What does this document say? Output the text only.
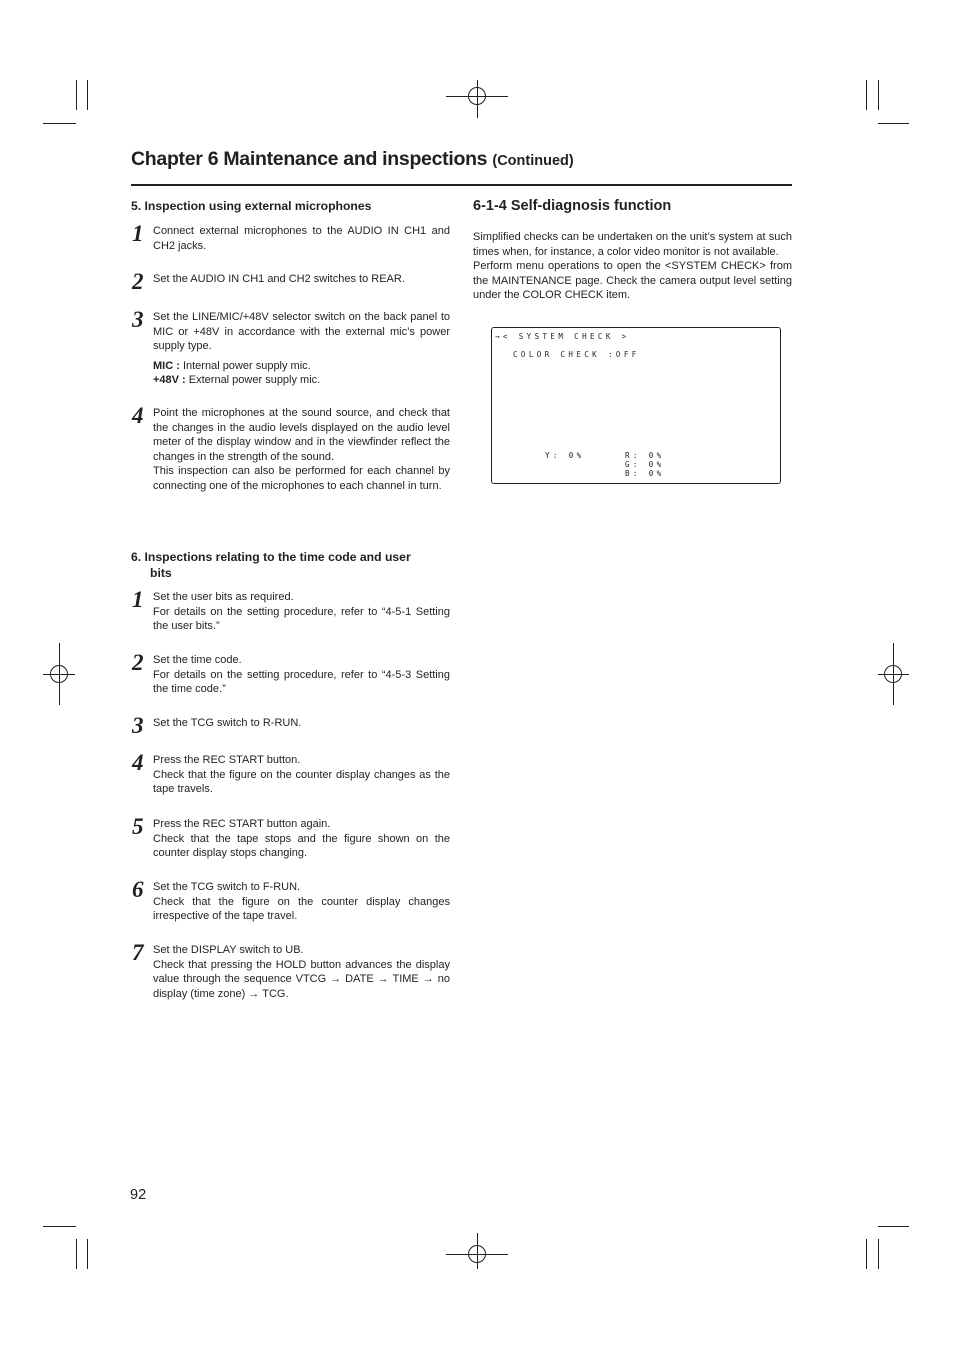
Chapter 6 Maintenance and inspections (Continued)
5. Inspection using external microphones
1 Connect external microphones to the AUDIO IN CH1 and CH2 jacks.

2 Set the AUDIO IN CH1 and CH2 switches to REAR.

3 Set the LINE/MIC/+48V selector switch on the back panel to MIC or +48V in accordance with the external mic’s power supply type.

MIC : Internal power supply mic.

+48V : External power supply mic.

4 Point the microphones at the sound source, and check that the changes in the audio levels displayed on the audio level meter of the display window and in the viewfinder reflect the changes in the strength of the sound.

This inspection can also be performed for each channel by connecting one of the microphones to each channel in turn.

6. Inspections relating to the time code and user
bits
1 Set the user bits as required.

For details on the setting procedure, refer to “4-5-1 Setting the user bits.”

2 Set the time code.

For details on the setting procedure, refer to “4-5-3 Setting the time code.”

3 Set the TCG switch to R-RUN.

4 Press the REC START button.

Check that the figure on the counter display changes as the tape travels.

5 Press the REC START button again.

Check that the tape stops and the figure shown on the counter display stops changing.

6 Set the TCG switch to F-RUN.

Check that the figure on the counter display changes irrespective of the tape travel.

7 Set the DISPLAY switch to UB.

Check that pressing the HOLD button advances the display value through the sequence VTCG → DATE → TIME → no display (time zone) → TCG.

6-1-4 Self-diagnosis function

Simplified checks can be undertaken on the unit’s system at such times when, for instance, a color video monitor is not available.

Perform menu operations to open the <SYSTEM CHECK> from the MAINTENANCE page. Check the camera output level setting under the COLOR CHECK item.

→< SYSTEM CHECK >
COLOR CHECK :OFF
Y: 0%	R: 0%
G: 0%
B: 0%
92
